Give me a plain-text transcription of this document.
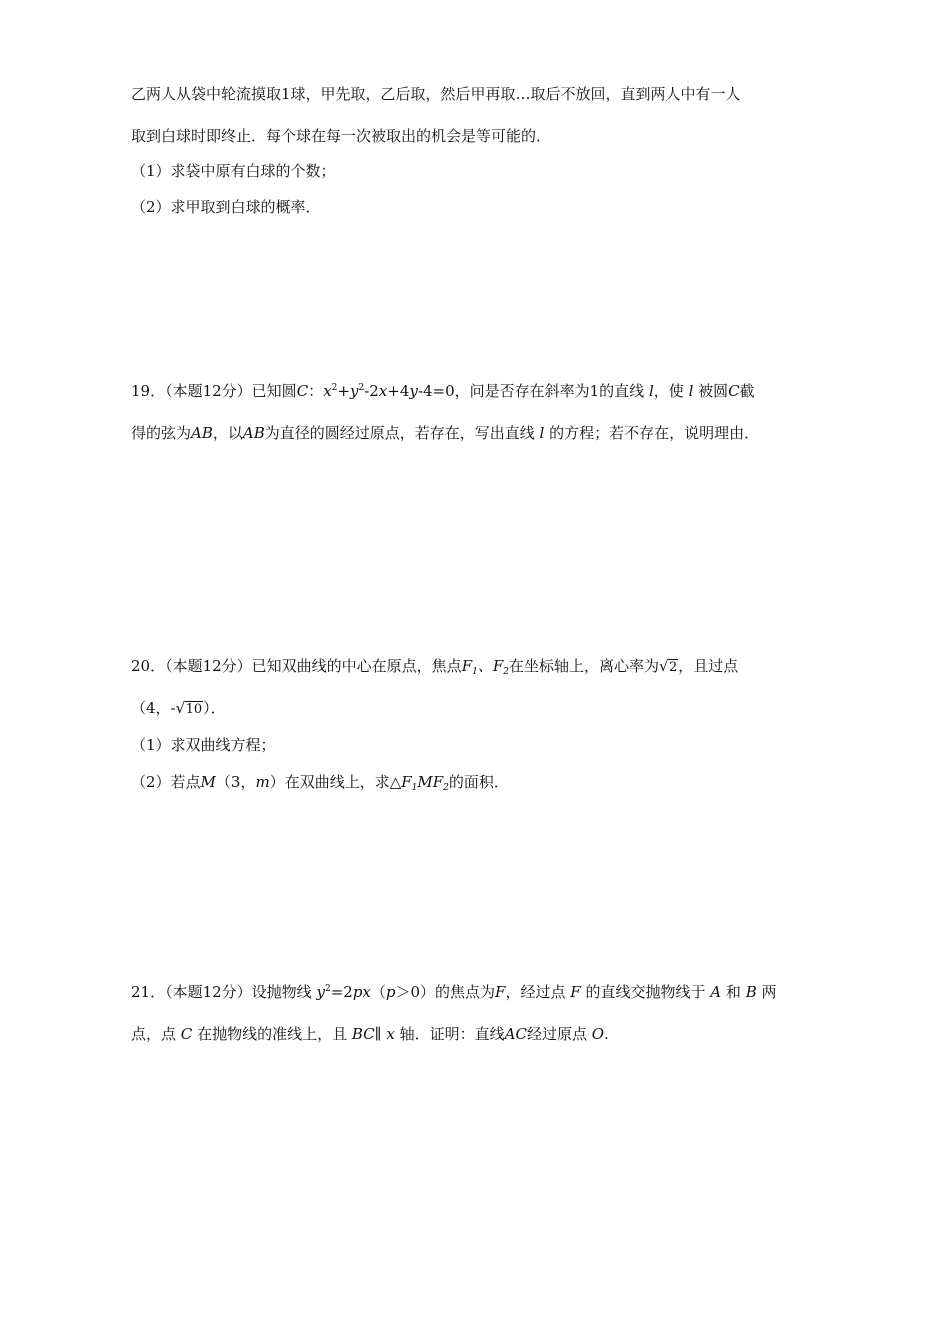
乙两人从袋中轮流摸取1球，甲先取，乙后取，然后甲再取…取后不放回，直到两人中有一人
取到白球时即终止．每个球在每一次被取出的机会是等可能的．
（1）求袋中原有白球的个数；
（2）求甲取到白球的概率．
19．（本题12分）已知圆C：$x^2+y^2-2x+4y-4=0$，问是否存在斜率为1的直线 l，使 l 被圆C截
得的弦为AB，以AB为直径的圆经过原点，若存在，写出直线 l 的方程；若不存在，说明理由．
20．（本题12分）已知双曲线的中心在原点，焦点$F_1$、$F_2$在坐标轴上，离心率为 √ 2，且过点
（4，- √ 10）．
（1）求双曲线方程；
（2）若点M（3，m）在双曲线上，求$\triangle F_1MF_2$的面积．
21．（本题12分）设抛物线 $y^2=2px(p>0)$的焦点为F，经过点 F 的直线交抛物线于 A 和 B 两
点，点 C 在抛物线的准线上，且 BC∥ x 轴．证明：直线AC经过原点 O.
